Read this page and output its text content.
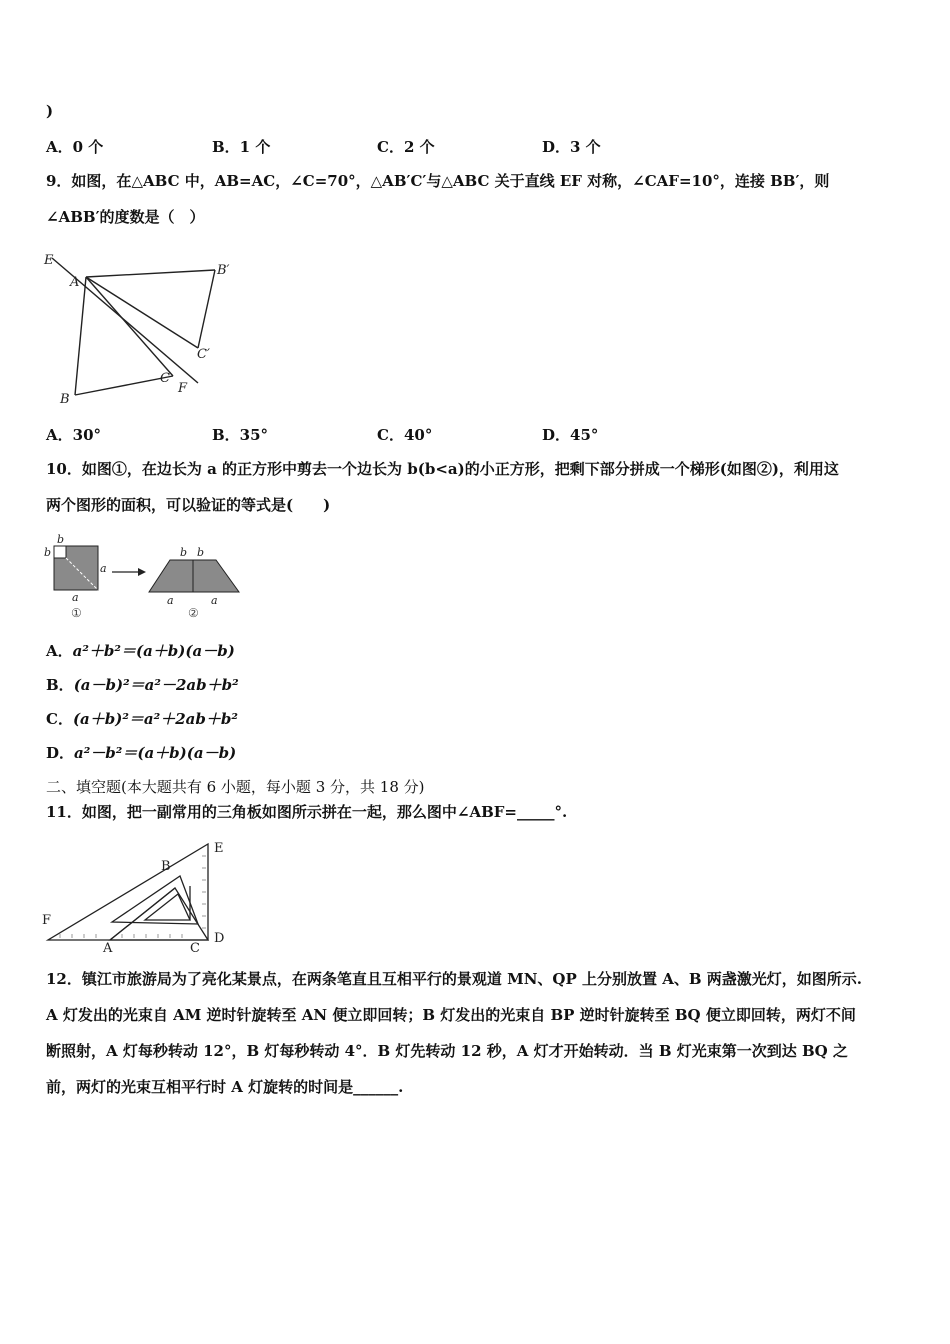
)
A．0 个	B．1 个	C．2 个	D．3 个
9．如图，在△ABC 中，AB=AC，∠C=70°，△AB′C′与△ABC 关于直线 EF 对称，∠CAF=10°，连接 BB′，则
∠ABB′的度数是（　）
E
A
B′
C′
C
F
B
A．30°	B．35°	C．40°	D．45°
10．如图①，在边长为 a 的正方形中剪去一个边长为 b(b<a)的小正方形，把剩下部分拼成一个梯形(如图②)，利用这
两个图形的面积，可以验证的等式是(　　)
b
b
a
a
b b
a	a
①	②
A．a²＋b²＝(a＋b)(a－b)
B．(a－b)²＝a²－2ab＋b²
C．(a＋b)²＝a²＋2ab＋b²
D．a²－b²＝(a＋b)(a－b)
二、填空题(本大题共有 6 小题，每小题 3 分，共 18 分)
11．如图，把一副常用的三角板如图所示拼在一起，那么图中∠ABF=_____°.
B
E
F
A	C
D
12．镇江市旅游局为了亮化某景点，在两条笔直且互相平行的景观道 MN、QP 上分别放置 A、B 两盏激光灯，如图所示.
A 灯发出的光束自 AM 逆时针旋转至 AN 便立即回转；B 灯发出的光束自 BP 逆时针旋转至 BQ 便立即回转，两灯不间
断照射，A 灯每秒转动 12°，B 灯每秒转动 4°．B 灯先转动 12 秒，A 灯才开始转动．当 B 灯光束第一次到达 BQ 之
前，两灯的光束互相平行时 A 灯旋转的时间是______.
